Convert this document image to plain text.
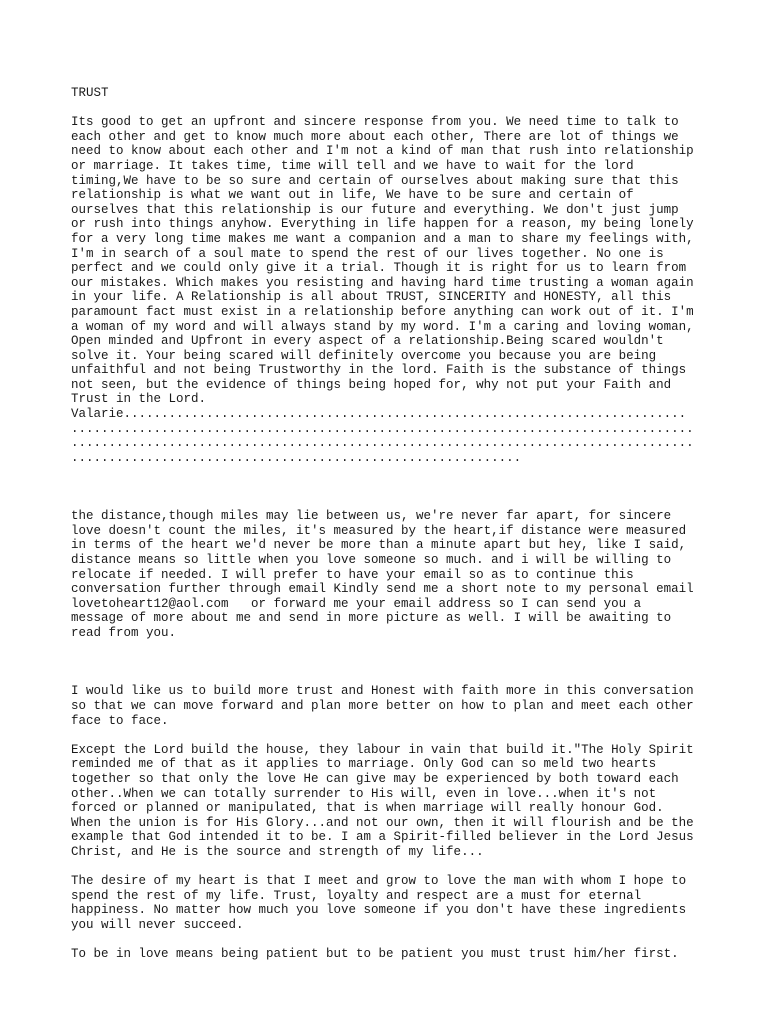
TRUST
Its good to get an upfront and sincere response from you. We need time to talk to
each other and get to know much more about each other, There are lot of things we
need to know about each other and I'm not a kind of man that rush into relationship
or marriage. It takes time, time will tell and we have to wait for the lord
timing,We have to be so sure and certain of ourselves about making sure that this
relationship is what we want out in life, We have to be sure and certain of
ourselves that this relationship is our future and everything. We don't just jump
or rush into things anyhow. Everything in life happen for a reason, my being lonely
for a very long time makes me want a companion and a man to share my feelings with,
I'm in search of a soul mate to spend the rest of our lives together. No one is
perfect and we could only give it a trial. Though it is right for us to learn from
our mistakes. Which makes you resisting and having hard time trusting a woman again
in your life. A Relationship is all about TRUST, SINCERITY and HONESTY, all this
paramount fact must exist in a relationship before anything can work out of it. I'm
a woman of my word and will always stand by my word. I'm a caring and loving woman,
Open minded and Upfront in every aspect of a relationship.Being scared wouldn't
solve it. Your being scared will definitely overcome you because you are being
unfaithful and not being Trustworthy in the lord. Faith is the substance of things
not seen, but the evidence of things being hoped for, why not put your Faith and
Trust in the Lord.
Valarie...........................................................................
...................................................................................
...................................................................................
............................................................
the distance,though miles may lie between us, we're never far apart, for sincere
love doesn't count the miles, it's measured by the heart,if distance were measured
in terms of the heart we'd never be more than a minute apart but hey, like I said,
distance means so little when you love someone so much. and i will be willing to
relocate if needed. I will prefer to have your email so as to continue this
conversation further through email Kindly send me a short note to my personal email
lovetoheart12@aol.com   or forward me your email address so I can send you a
message of more about me and send in more picture as well. I will be awaiting to
read from you.
I would like us to build more trust and Honest with faith more in this conversation
so that we can move forward and plan more better on how to plan and meet each other
face to face.
Except the Lord build the house, they labour in vain that build it."The Holy Spirit
reminded me of that as it applies to marriage. Only God can so meld two hearts
together so that only the love He can give may be experienced by both toward each
other..When we can totally surrender to His will, even in love...when it's not
forced or planned or manipulated, that is when marriage will really honour God.
When the union is for His Glory...and not our own, then it will flourish and be the
example that God intended it to be. I am a Spirit-filled believer in the Lord Jesus
Christ, and He is the source and strength of my life...
The desire of my heart is that I meet and grow to love the man with whom I hope to
spend the rest of my life. Trust, loyalty and respect are a must for eternal
happiness. No matter how much you love someone if you don't have these ingredients
you will never succeed.
To be in love means being patient but to be patient you must trust him/her first.
